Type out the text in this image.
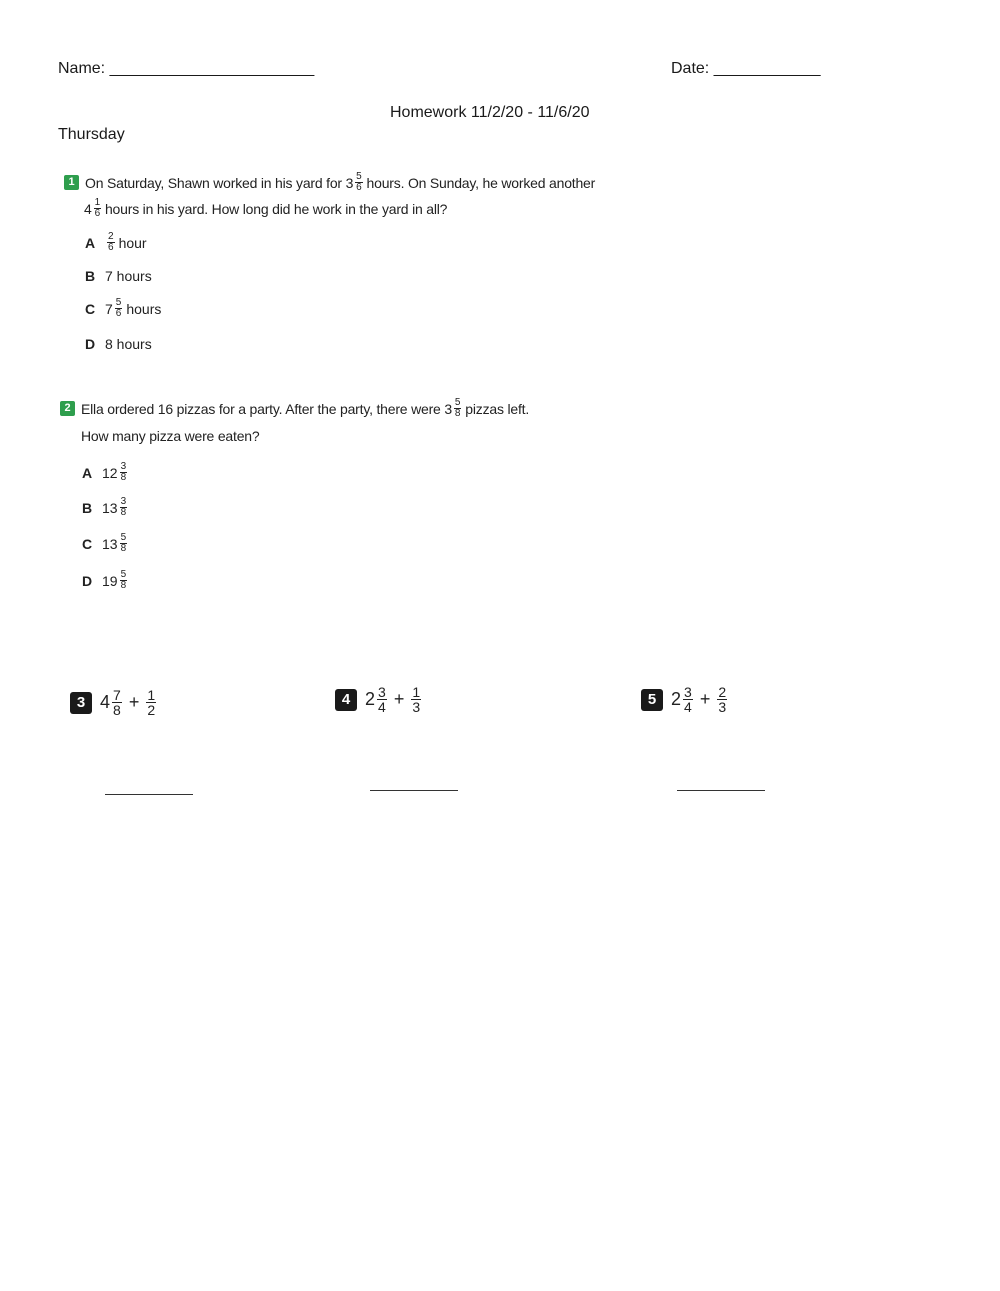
Name: _______________________	Date: ____________
Homework 11/2/20 - 11/6/20
Thursday
1 On Saturday, Shawn worked in his yard for $3 \frac{5}{6}$ hours. On Sunday, he worked another
$4 \frac{1}{6}$ hours in his yard. How long did he work in the yard in all?
A	$\frac{2}{6}$ hour
B 7 hours
C $7 \frac{5}{6}$ hours
D 8 hours
2 Ella ordered 16 pizzas for a party. After the party, there were $3 \frac{5}{8}$ pizzas left.
How many pizza were eaten?
A $12 \frac{3}{8}$
B $13 \frac{3}{8}$
C $13 \frac{5}{8}$
D $19 \frac{5}{8}$
3 $4 \frac{7}{8} + \frac{1}{2}$	4 $2 \frac{3}{4} + \frac{1}{3}$	5 $2 \frac{3}{4} + \frac{2}{3}$
